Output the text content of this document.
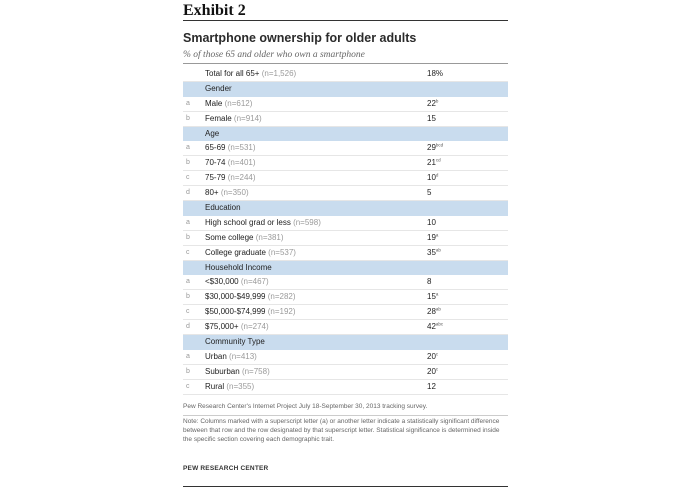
Exhibit 2
Smartphone ownership for older adults
% of those 65 and older who own a smartphone
Total for all 65+ (n=1,526)	18%
Gender
a Male (n=612)	22$^b$
b Female (n=914)	15
Age
a 65-69 (n=531)	$29^{bcd}$
b 70-74 (n=401)	$21^{cd}$
c 75-79 (n=244)	10$^d$
d 80+ (n=350)	5
Education
a High school grad or less (n=598)	10
b Some college (n=381)	19$^a$
c College graduate (n=537)	$35^{ab}$
Household Income
a <$30,000 (n=467)	8
b $30,000-$49,999 (n=282)	15$^a$
c $50,000-$74,999 (n=192)	$28^{ab}$
d $75,000+ (n=274)	$42^{abc}$
Community Type
a Urban (n=413)	20$^c$
b Suburban (n=758)	20$^c$
c Rural (n=355)	12
Pew Research Center's Internet Project July 18-September 30, 2013 tracking survey.
Note: Columns marked with a superscript letter (a) or another letter indicate a statistically significant difference between that row and the row designated by that superscript letter. Statistical significance is determined inside the specific section covering each demographic trait.
PEW RESEARCH CENTER
